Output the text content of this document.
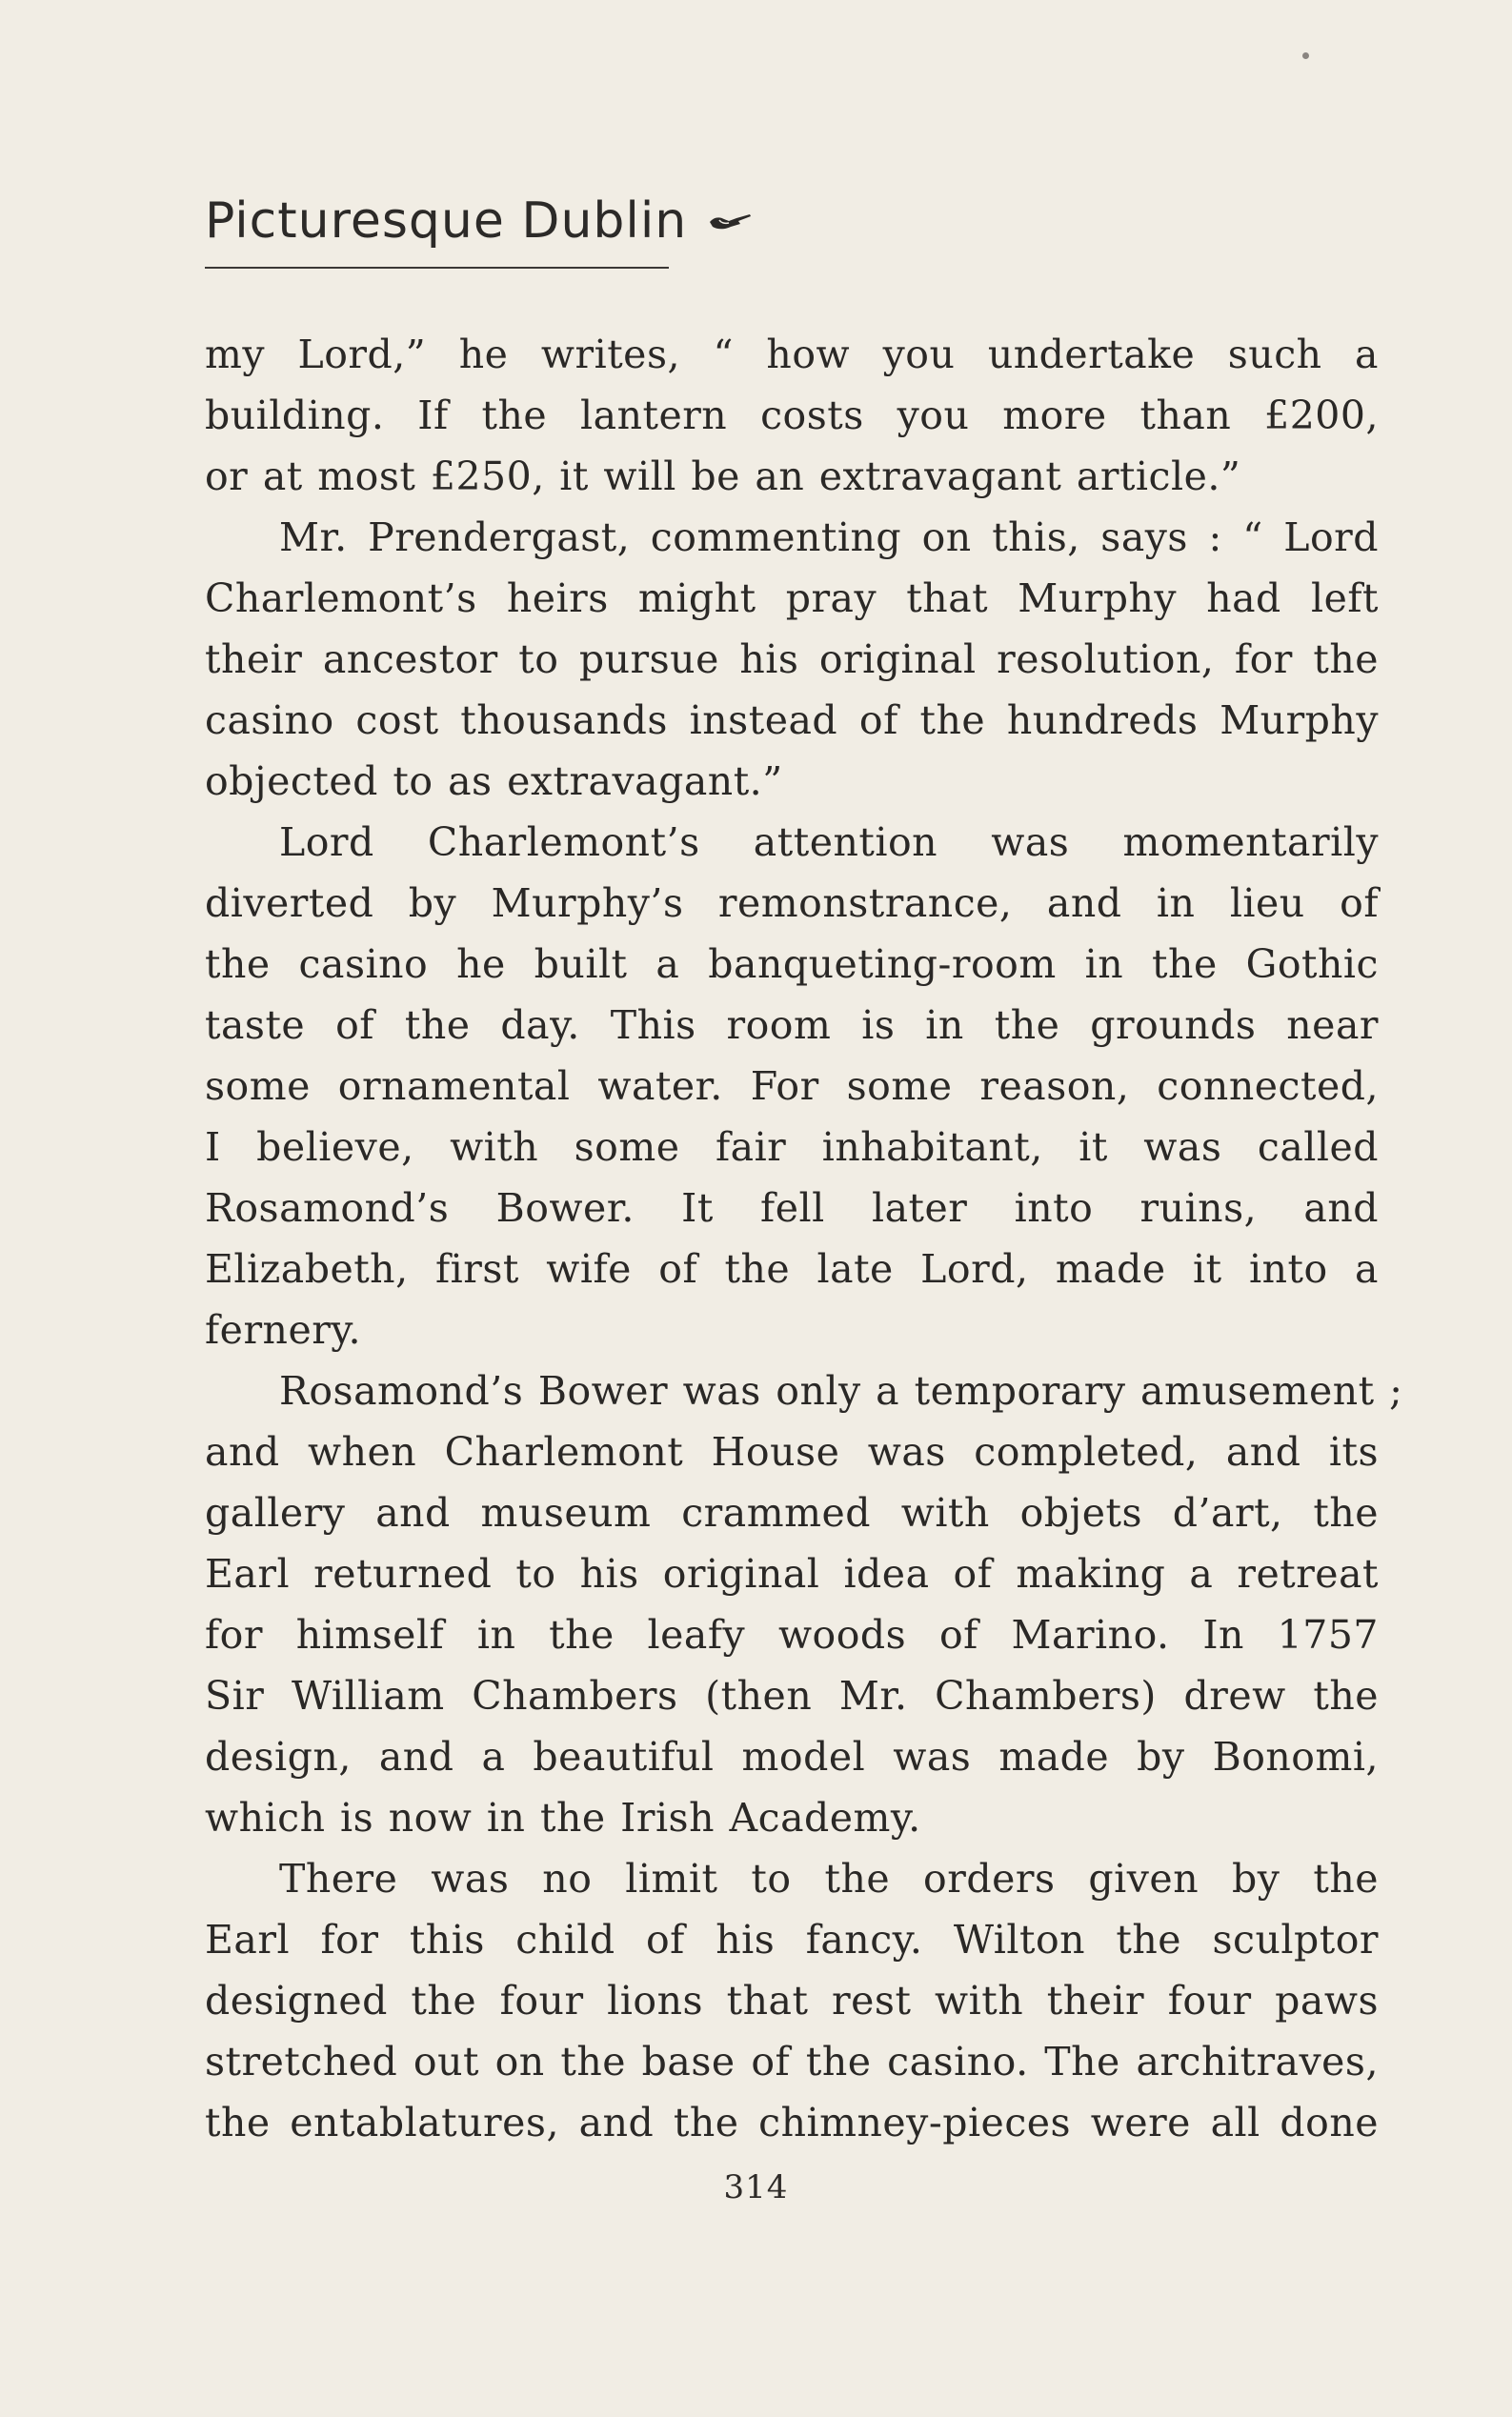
Picturesque Dublin
my Lord,” he writes, “ how you undertake such a
building. If the lantern costs you more than £200,
or at most £250, it will be an extravagant article.”
Mr. Prendergast, commenting on this, says : “ Lord
Charlemont’s heirs might pray that Murphy had left
their ancestor to pursue his original resolution, for the
casino cost thousands instead of the hundreds Murphy
objected to as extravagant.”
Lord Charlemont’s attention was momentarily
diverted by Murphy’s remonstrance, and in lieu of
the casino he built a banqueting-room in the Gothic
taste of the day. This room is in the grounds near
some ornamental water. For some reason, connected,
I believe, with some fair inhabitant, it was called
Rosamond’s Bower. It fell later into ruins, and
Elizabeth, first wife of the late Lord, made it into a
fernery.
Rosamond’s Bower was only a temporary amusement ;
and when Charlemont House was completed, and its
gallery and museum crammed with objets d’art, the
Earl returned to his original idea of making a retreat
for himself in the leafy woods of Marino. In 1757
Sir William Chambers (then Mr. Chambers) drew the
design, and a beautiful model was made by Bonomi,
which is now in the Irish Academy.
There was no limit to the orders given by the
Earl for this child of his fancy. Wilton the sculptor
designed the four lions that rest with their four paws
stretched out on the base of the casino. The architraves,
the entablatures, and the chimney-pieces were all done
314
